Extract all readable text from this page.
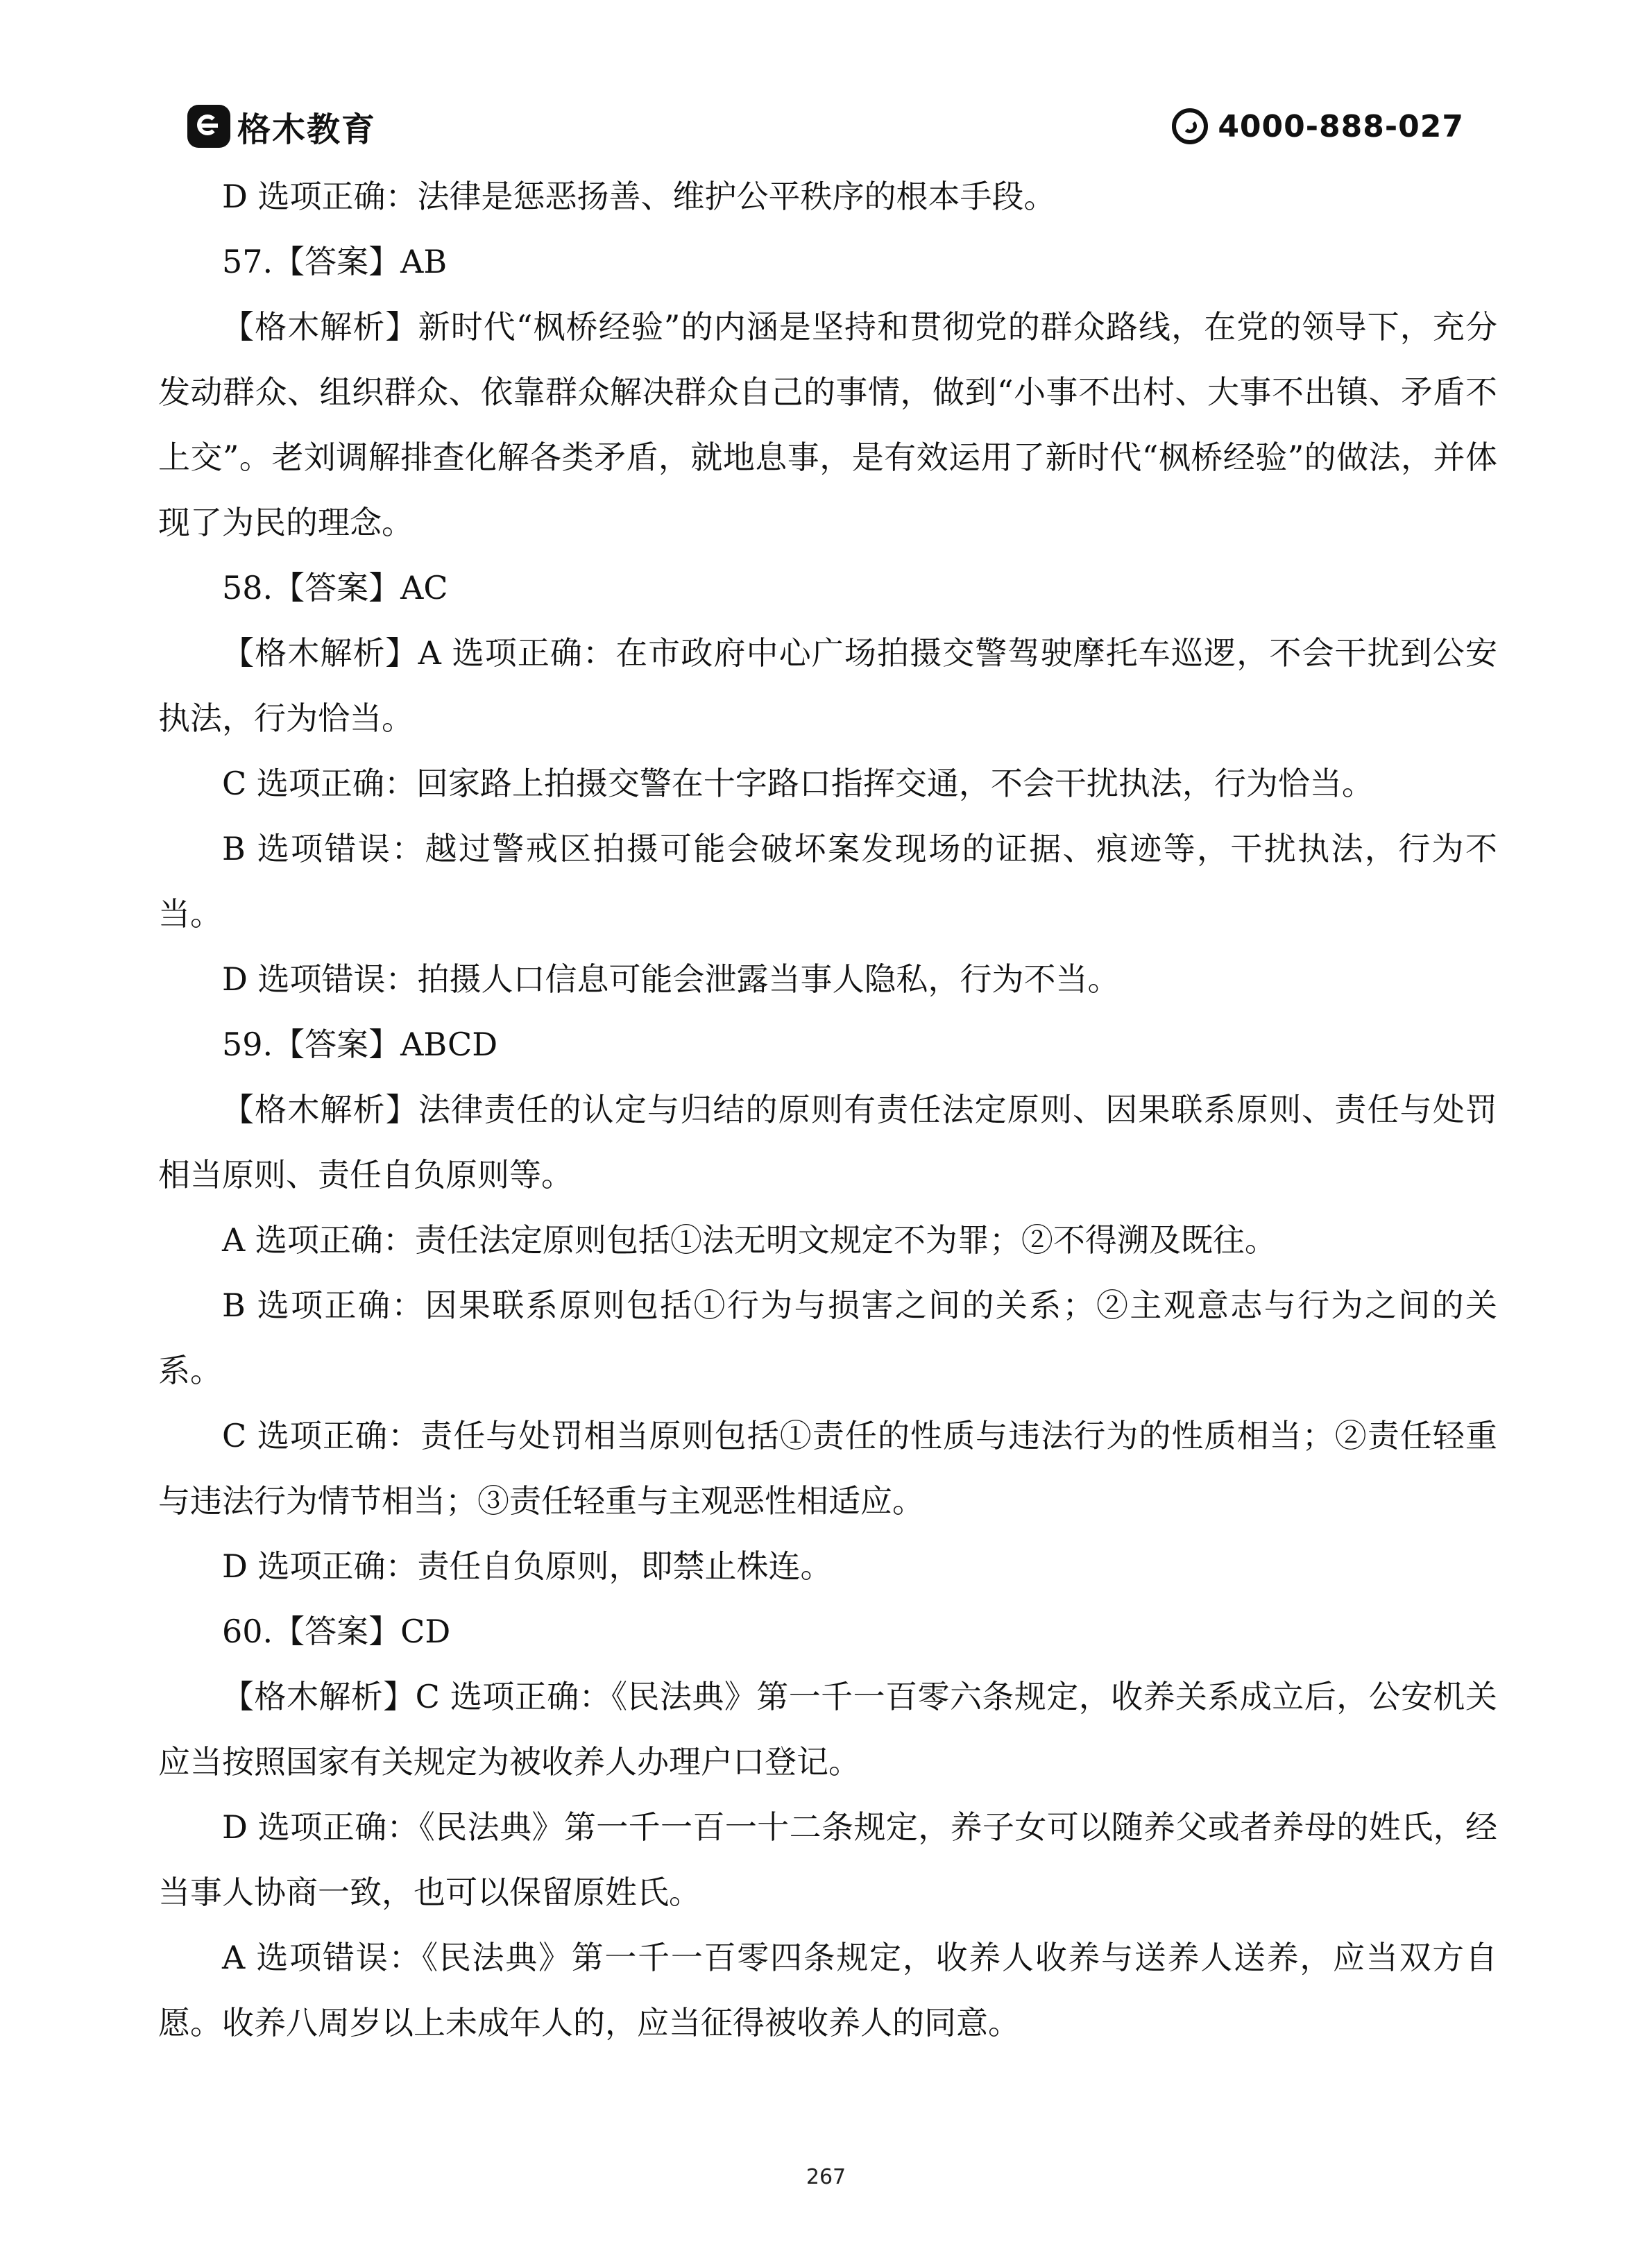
格木教育	4000-888-027

D 选项正确：法律是惩恶扬善、维护公平秩序的根本手段。

57.【答案】AB

【格木解析】新时代“枫桥经验”的内涵是坚持和贯彻党的群众路线，在党的领导下，充分发动群众、组织群众、依靠群众解决群众自己的事情，做到“小事不出村、大事不出镇、矛盾不上交”。老刘调解排查化解各类矛盾，就地息事，是有效运用了新时代“枫桥经验”的做法，并体现了为民的理念。

58.【答案】AC

【格木解析】A 选项正确：在市政府中心广场拍摄交警驾驶摩托车巡逻，不会干扰到公安执法，行为恰当。

C 选项正确：回家路上拍摄交警在十字路口指挥交通，不会干扰执法，行为恰当。

B 选项错误：越过警戒区拍摄可能会破坏案发现场的证据、痕迹等，干扰执法，行为不当。

D 选项错误：拍摄人口信息可能会泄露当事人隐私，行为不当。

59.【答案】ABCD

【格木解析】法律责任的认定与归结的原则有责任法定原则、因果联系原则、责任与处罚相当原则、责任自负原则等。

A 选项正确：责任法定原则包括①法无明文规定不为罪；②不得溯及既往。

B 选项正确：因果联系原则包括①行为与损害之间的关系；②主观意志与行为之间的关系。

C 选项正确：责任与处罚相当原则包括①责任的性质与违法行为的性质相当；②责任轻重与违法行为情节相当；③责任轻重与主观恶性相适应。

D 选项正确：责任自负原则，即禁止株连。

60.【答案】CD

【格木解析】C 选项正确：《民法典》第一千一百零六条规定，收养关系成立后，公安机关应当按照国家有关规定为被收养人办理户口登记。

D 选项正确：《民法典》第一千一百一十二条规定，养子女可以随养父或者养母的姓氏，经当事人协商一致，也可以保留原姓氏。

A 选项错误：《民法典》第一千一百零四条规定，收养人收养与送养人送养，应当双方自愿。收养八周岁以上未成年人的，应当征得被收养人的同意。

267
